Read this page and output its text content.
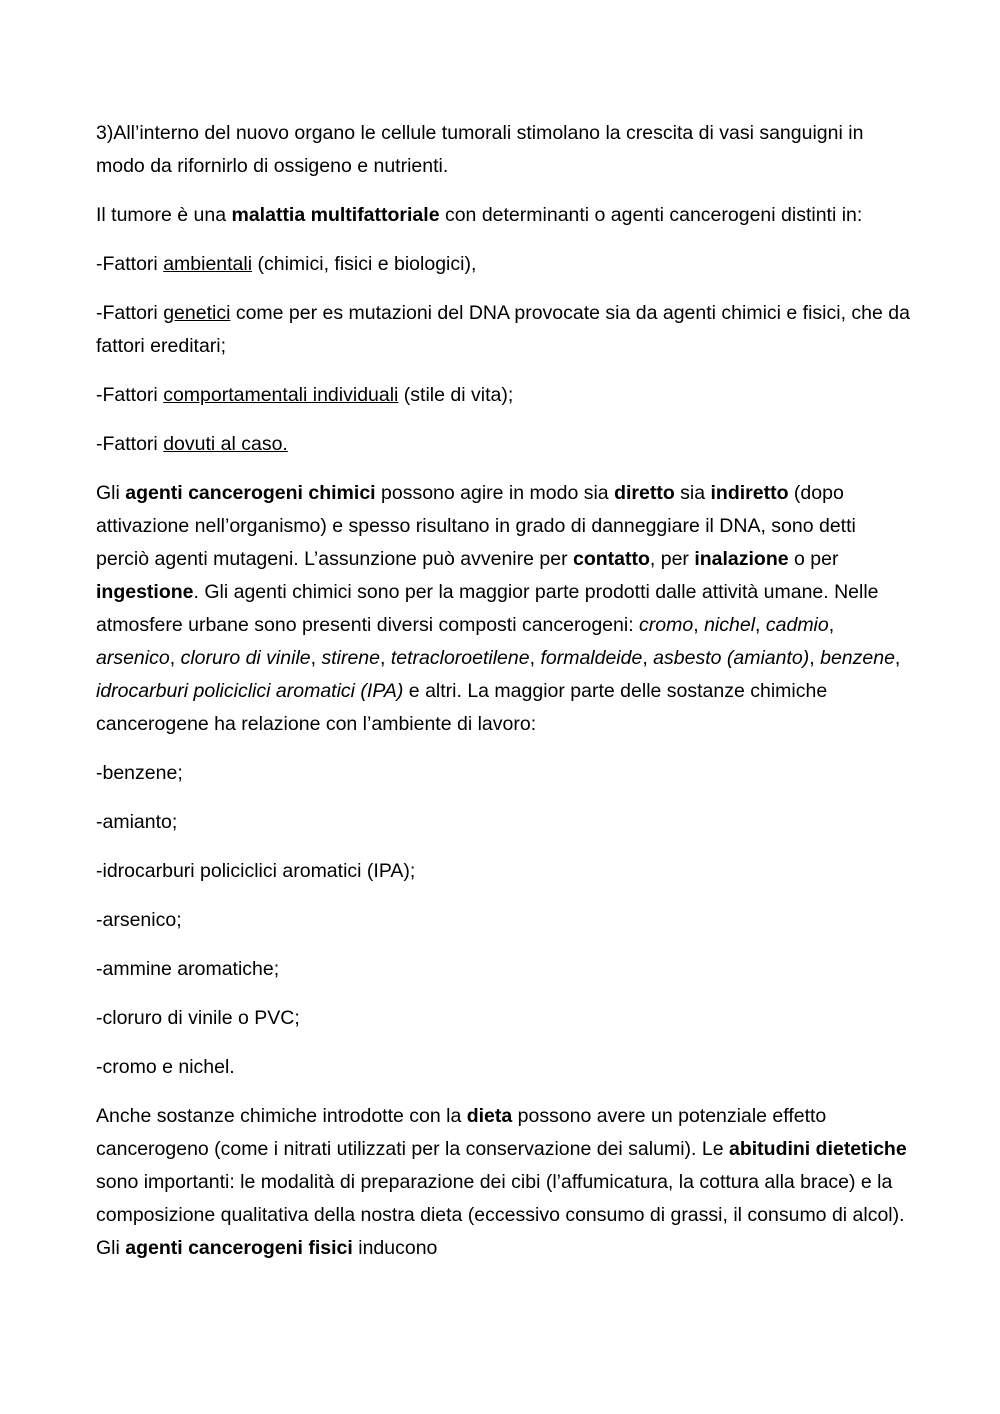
3)All’interno del nuovo organo le cellule tumorali stimolano la crescita di vasi sanguigni in modo da rifornirlo di ossigeno e nutrienti.

Il tumore è una malattia multifattoriale con determinanti o agenti cancerogeni distinti in:

-Fattori ambientali (chimici, fisici e biologici),

-Fattori genetici come per es mutazioni del DNA provocate sia da agenti chimici e fisici, che da fattori ereditari;

-Fattori comportamentali individuali (stile di vita);

-Fattori dovuti al caso.

Gli agenti cancerogeni chimici possono agire in modo sia diretto sia indiretto (dopo attivazione nell’organismo) e spesso risultano in grado di danneggiare il DNA, sono detti perciò agenti mutageni. L’assunzione può avvenire per contatto, per inalazione o per ingestione. Gli agenti chimici sono per la maggior parte prodotti dalle attività umane. Nelle atmosfere urbane sono presenti diversi composti cancerogeni: cromo, nichel, cadmio, arsenico, cloruro di vinile, stirene, tetracloroetilene, formaldeide, asbesto (amianto), benzene, idrocarburi policiclici aromatici (IPA) e altri. La maggior parte delle sostanze chimiche cancerogene ha relazione con l’ambiente di lavoro:

-benzene;

-amianto;

-idrocarburi policiclici aromatici (IPA);

-arsenico;

-ammine aromatiche;

-cloruro di vinile o PVC;

-cromo e nichel.

Anche sostanze chimiche introdotte con la dieta possono avere un potenziale effetto cancerogeno (come i nitrati utilizzati per la conservazione dei salumi). Le abitudini dietetiche sono importanti: le modalità di preparazione dei cibi (l’affumicatura, la cottura alla brace) e la composizione qualitativa della nostra dieta (eccessivo consumo di grassi, il consumo di alcol). Gli agenti cancerogeni fisici inducono
